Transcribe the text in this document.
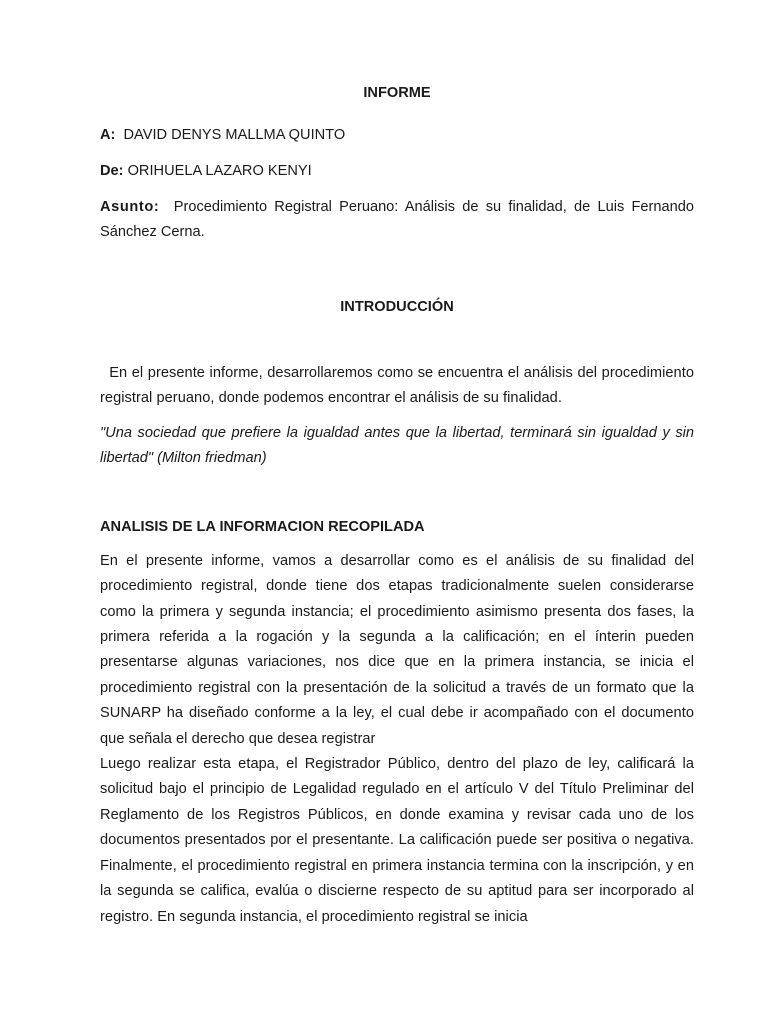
INFORME

A: DAVID DENYS MALLMA QUINTO

De: ORIHUELA LAZARO KENYI

Asunto: Procedimiento Registral Peruano: Análisis de su finalidad, de Luis Fernando Sánchez Cerna.

INTRODUCCIÓN

En el presente informe, desarrollaremos como se encuentra el análisis del procedimiento registral peruano, donde podemos encontrar el análisis de su finalidad.

"Una sociedad que prefiere la igualdad antes que la libertad, terminará sin igualdad y sin libertad" (Milton friedman)

ANALISIS DE LA INFORMACION RECOPILADA

En el presente informe, vamos a desarrollar como es el análisis de su finalidad del procedimiento registral, donde tiene dos etapas tradicionalmente suelen considerarse como la primera y segunda instancia; el procedimiento asimismo presenta dos fases, la primera referida a la rogación y la segunda a la calificación; en el ínterin pueden presentarse algunas variaciones, nos dice que en la primera instancia, se inicia el procedimiento registral con la presentación de la solicitud a través de un formato que la SUNARP ha diseñado conforme a la ley, el cual debe ir acompañado con el documento que señala el derecho que desea registrar

Luego realizar esta etapa, el Registrador Público, dentro del plazo de ley, calificará la solicitud bajo el principio de Legalidad regulado en el artículo V del Título Preliminar del Reglamento de los Registros Públicos, en donde examina y revisar cada uno de los documentos presentados por el presentante. La calificación puede ser positiva o negativa. Finalmente, el procedimiento registral en primera instancia termina con la inscripción, y en la segunda se califica, evalúa o discierne respecto de su aptitud para ser incorporado al registro. En segunda instancia, el procedimiento registral se inicia
